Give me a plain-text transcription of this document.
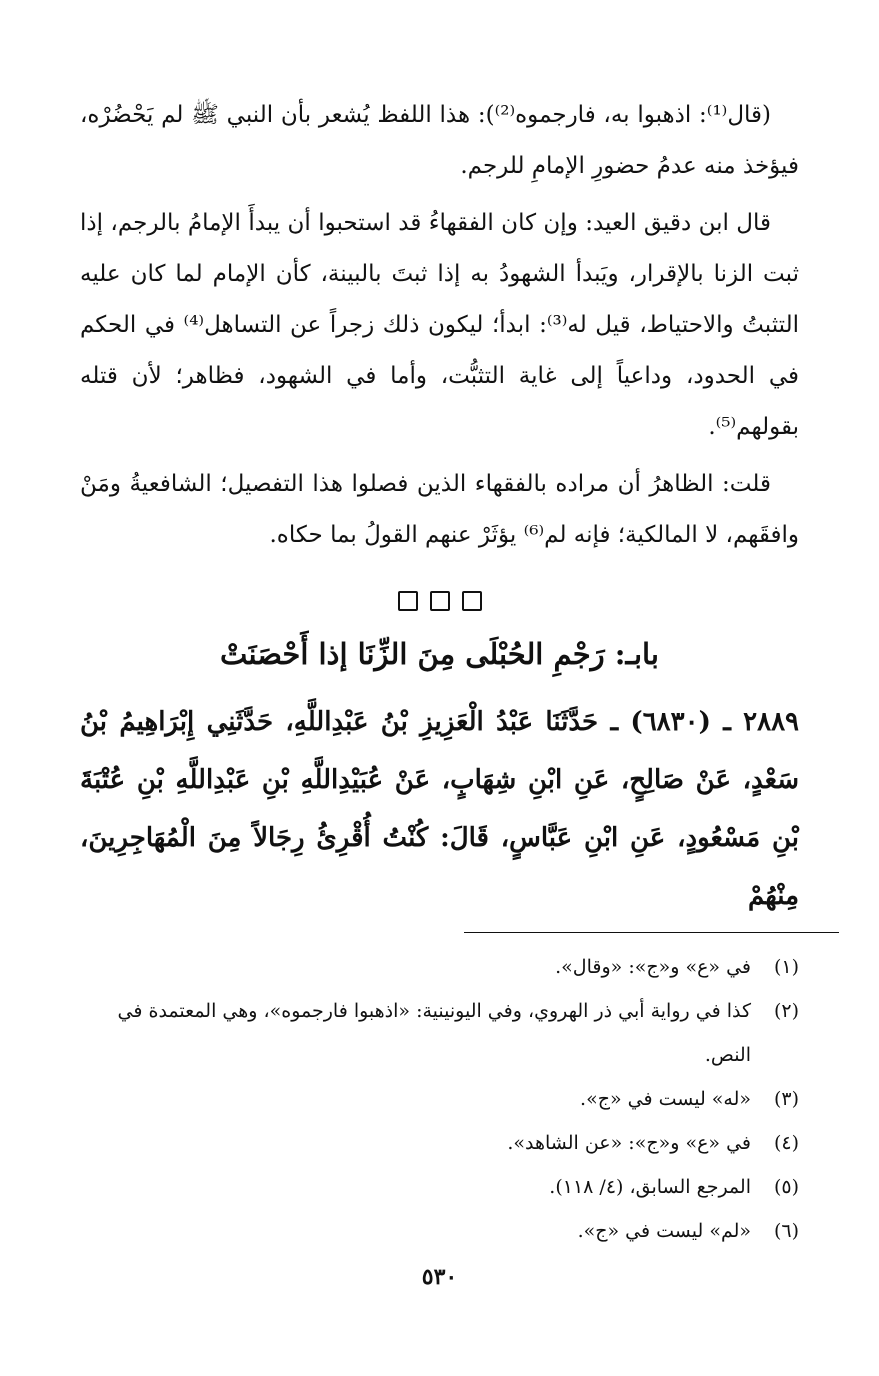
(قال⁽¹⁾: اذهبوا به، فارجموه⁽²⁾): هذا اللفظ يُشعر بأن النبي ﷺ لم يَحْضُرْه، فيؤخذ منه عدمُ حضورِ الإمامِ للرجم.

قال ابن دقيق العيد: وإن كان الفقهاءُ قد استحبوا أن يبدأَ الإمامُ بالرجم، إذا ثبت الزنا بالإقرار، ويَبدأ الشهودُ به إذا ثبتَ بالبينة، كأن الإمام لما كان عليه التثبتُ والاحتياط، قيل له⁽³⁾: ابدأ؛ ليكون ذلك زجراً عن التساهل⁽⁴⁾ في الحكم في الحدود، وداعياً إلى غاية التثبُّت، وأما في الشهود، فظاهر؛ لأن قتله بقولهم⁽⁵⁾.

قلت: الظاهرُ أن مراده بالفقهاء الذين فصلوا هذا التفصيل؛ الشافعيةُ ومَنْ وافقَهم، لا المالكية؛ فإنه لم⁽⁶⁾ يؤثَرْ عنهم القولُ بما حكاه.

بابـ: رَجْمِ الحُبْلَى مِنَ الزِّنَا إذا أَحْصَنَتْ

٢٨٨٩ ـ (٦٨٣٠) ـ حَدَّثَنَا عَبْدُ الْعَزِيزِ بْنُ عَبْدِاللَّهِ، حَدَّثَنِي إِبْرَاهِيمُ بْنُ سَعْدٍ، عَنْ صَالِحٍ، عَنِ ابْنِ شِهَابٍ، عَنْ عُبَيْدِاللَّهِ بْنِ عَبْدِاللَّهِ بْنِ عُتْبَةَ بْنِ مَسْعُودٍ، عَنِ ابْنِ عَبَّاسٍ، قَالَ: كُنْتُ أُقْرِئُ رِجَالاً مِنَ الْمُهَاجِرِينَ، مِنْهُمْ

(١)
في «ع» و«ج»: «وقال».
(٢)
كذا في رواية أبي ذر الهروي، وفي اليونينية: «اذهبوا فارجموه»، وهي المعتمدة في النص.
(٣)
«له» ليست في «ج».
(٤)
في «ع» و«ج»: «عن الشاهد».
(٥)
المرجع السابق، (٤/ ١١٨).
(٦)
«لم» ليست في «ج».
٥٣٠
